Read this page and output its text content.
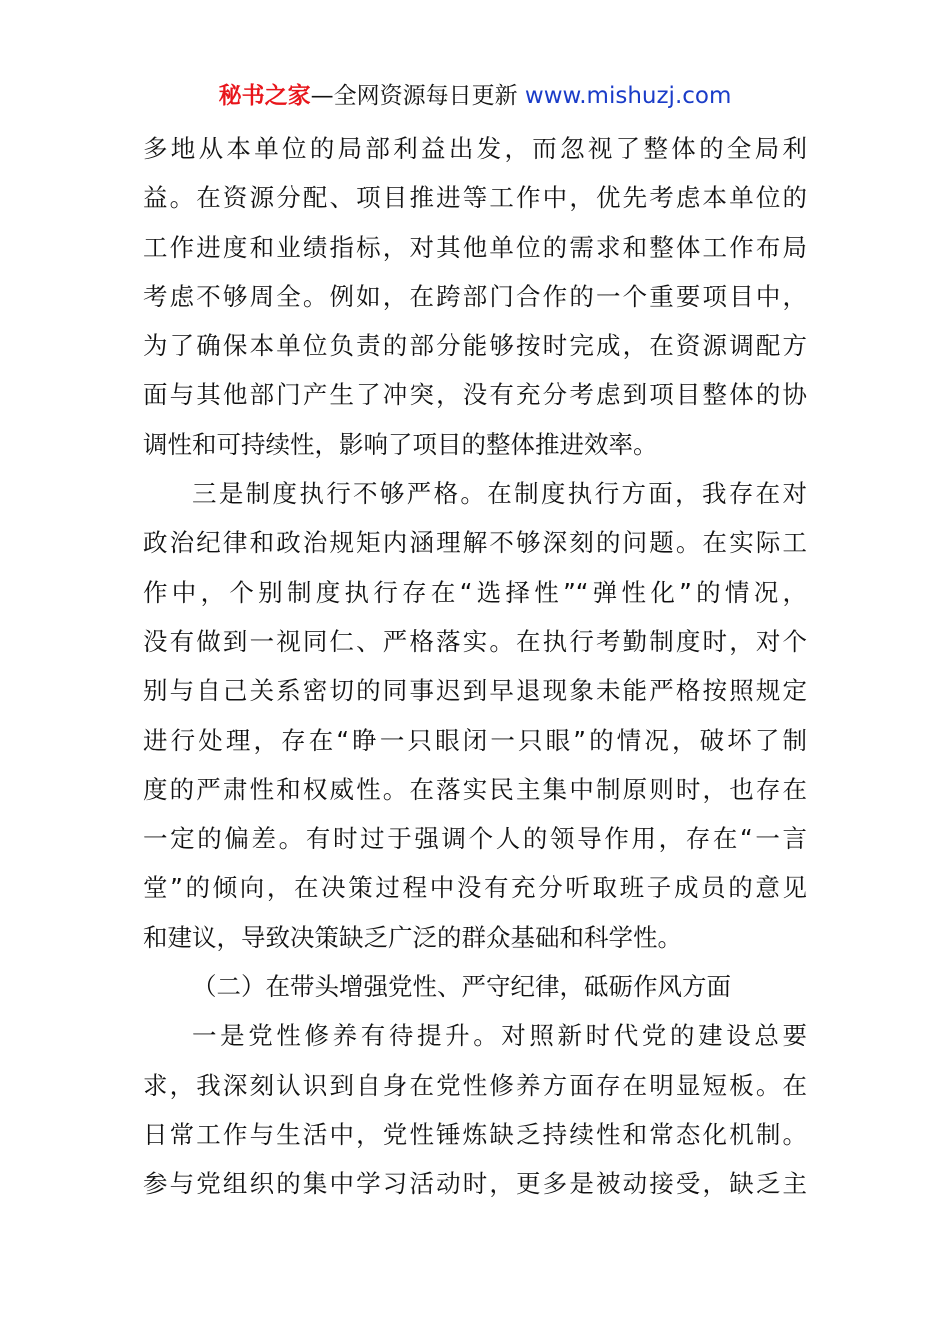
秘书之家—全网资源每日更新 www.mishuzj.com
多地从本单位的局部利益出发，而忽视了整体的全局利
益。在资源分配、项目推进等工作中，优先考虑本单位的
工作进度和业绩指标，对其他单位的需求和整体工作布局
考虑不够周全。例如，在跨部门合作的一个重要项目中，
为了确保本单位负责的部分能够按时完成，在资源调配方
面与其他部门产生了冲突，没有充分考虑到项目整体的协
调性和可持续性，影响了项目的整体推进效率。
三是制度执行不够严格。在制度执行方面，我存在对
政治纪律和政治规矩内涵理解不够深刻的问题。在实际工
作中，个别制度执行存在“选择性”“弹性化”的情况，
没有做到一视同仁、严格落实。在执行考勤制度时，对个
别与自己关系密切的同事迟到早退现象未能严格按照规定
进行处理，存在“睁一只眼闭一只眼”的情况，破坏了制
度的严肃性和权威性。在落实民主集中制原则时，也存在
一定的偏差。有时过于强调个人的领导作用，存在“一言
堂”的倾向，在决策过程中没有充分听取班子成员的意见
和建议，导致决策缺乏广泛的群众基础和科学性。
（二）在带头增强党性、严守纪律，砥砺作风方面
一是党性修养有待提升。对照新时代党的建设总要
求，我深刻认识到自身在党性修养方面存在明显短板。在
日常工作与生活中，党性锤炼缺乏持续性和常态化机制。
参与党组织的集中学习活动时，更多是被动接受，缺乏主
